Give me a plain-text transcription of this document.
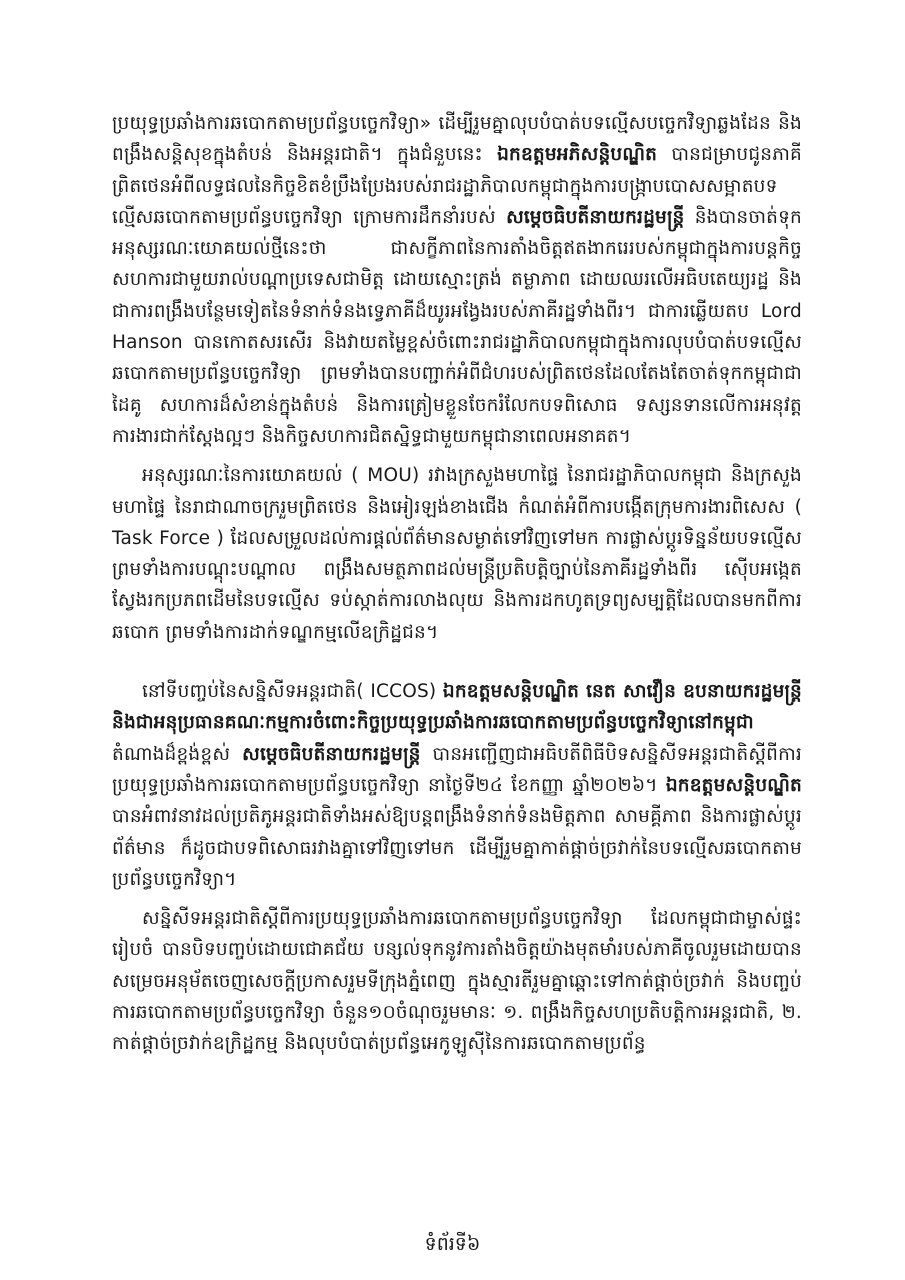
ប្រយុទ្ធប្រឆាំងការឆបោកតាមប្រព័ន្ធបច្ចេកវិទ្យា» ដើម្បីរួមគ្នាលុបបំបាត់បទល្មើសបច្ចេកវិទ្យាឆ្លងដែន និងពង្រឹងសន្តិសុខក្នុងតំបន់ និងអន្តរជាតិ។ ក្នុងជំនួបនេះ ឯកឧត្តមអភិសន្តិបណ្ឌិត បានជម្រាបជូនភាគីព្រិតថេនអំពីលទ្ធផលនៃកិច្ចខិតខំប្រឹងប្រែងរបស់រាជរដ្ឋាភិបាលកម្ពុជាក្នុងការបង្ក្រាបបោសសម្អាតបទល្មើសឆបោកតាមប្រព័ន្ធបច្ចេកវិទ្យា ក្រោមការដឹកនាំរបស់ សម្តេចធិបតីនាយករដ្ឋមន្ត្រី និងបានចាត់ទុកអនុស្សរណៈយោគយល់ថ្មីនេះថា ជាសក្ខីភាពនៃការតាំងចិត្តឥតងាករេរបស់កម្ពុជាក្នុងការបន្តកិច្ចសហការជាមួយរាល់បណ្តាប្រទេសជាមិត្ត ដោយស្មោះត្រង់ តម្លាភាព ដោយឈរលើអធិបតេយ្យរដ្ឋ និងជាការពង្រឹងបន្ថែមទៀតនៃទំនាក់ទំនងទ្វេភាគីដ៏យូរអង្វែងរបស់ភាគីរដ្ឋទាំងពីរ។ ជាការឆ្លើយតប Lord Hanson បានកោតសរសើរ និងវាយតម្លៃខ្ពស់ចំពោះរាជរដ្ឋាភិបាលកម្ពុជាក្នុងការលុបបំបាត់បទល្មើសឆបោកតាមប្រព័ន្ធបច្ចេកវិទ្យា ព្រមទាំងបានបញ្ជាក់អំពីជំហរបស់ព្រិតថេនដែលតែងតែចាត់ទុកកម្ពុជាជាដៃគូ សហការដ៏សំខាន់ក្នុងតំបន់ និងការត្រៀមខ្លួនចែករំលែកបទពិសោធ ទស្សនទានលើការអនុវត្តការងារជាក់ស្តែងល្អៗ និងកិច្ចសហការជិតស្និទ្ធជាមួយកម្ពុជានាពេលអនាគត។

អនុស្សរណៈនៃការយោគយល់ ( MOU) រវាងក្រសួងមហាផ្ទៃ នៃរាជរដ្ឋាភិបាលកម្ពុជា និងក្រសួងមហាផ្ទៃ នៃរាជាណាចក្ររួមព្រិតថេន និងអៀរឡង់ខាងជើង កំណត់អំពីការបង្កើតក្រុមការងារពិសេស ( Task Force ) ដែលសម្រួលដល់ការផ្តល់ព័ត៌មានសម្ងាត់ទៅវិញទៅមក ការផ្លាស់ប្តូរទិន្នន័យបទល្មើស ព្រមទាំងការបណ្តុះបណ្តាល ពង្រឹងសមត្ថភាពដល់មន្ត្រីប្រតិបត្តិច្បាប់នៃភាគីរដ្ឋទាំងពីរ ស៊ើបអង្កេត ស្វែងរកប្រភពដើមនៃបទល្មើស ទប់ស្កាត់ការលាងលុយ និងការដកហូតទ្រព្យសម្បត្តិដែលបានមកពីការឆបោក ព្រមទាំងការដាក់ទណ្ឌកម្មលើឧក្រិដ្ឋជន។

នៅទីបញ្ចប់នៃសន្និសីទអន្តរជាតិ( ICCOS) ឯកឧត្តមសន្តិបណ្ឌិត នេត សាវឿន ឧបនាយករដ្ឋមន្ត្រី និងជាអនុប្រធានគណៈកម្មការចំពោះកិច្ចប្រយុទ្ធប្រឆាំងការឆបោកតាមប្រព័ន្ធបច្ចេកវិទ្យានៅកម្ពុជា តំណាងដ៏ខ្ពង់ខ្ពស់ សម្តេចធិបតីនាយករដ្ឋមន្ត្រី បានអញ្ជើញជាអធិបតីពិធីបិទសន្និសីទអន្តរជាតិស្តីពីការប្រយុទ្ធប្រឆាំងការឆបោកតាមប្រព័ន្ធបច្ចេកវិទ្យា នាថ្ងៃទី២៤ ខែកញ្ញា ឆ្នាំ២០២៦។ ឯកឧត្តមសន្តិបណ្ឌិត បានអំពាវនាវដល់ប្រតិភូអន្តរជាតិទាំងអស់ឱ្យបន្តពង្រឹងទំនាក់ទំនងមិត្តភាព សាមគ្គីភាព និងការផ្លាស់ប្តូរព័ត៌មាន ក៏ដូចជាបទពិសោធរវាងគ្នាទៅវិញទៅមក ដើម្បីរួមគ្នាកាត់ផ្តាច់ច្រវាក់នៃបទល្មើសឆបោកតាមប្រព័ន្ធបច្ចេកវិទ្យា។

សន្និសីទអន្តរជាតិស្តីពីការប្រយុទ្ធប្រឆាំងការឆបោកតាមប្រព័ន្ធបច្ចេកវិទ្យា ដែលកម្ពុជាជាម្ចាស់ផ្ទះរៀបចំ បានបិទបញ្ចប់ដោយជោគជ័យ បន្សល់ទុកនូវការតាំងចិត្តយ៉ាងមុតមាំរបស់ភាគីចូលរួមដោយបានសម្រេចអនុម័តចេញសេចក្តីប្រកាសរួមទីក្រុងភ្នំពេញ ក្នុងស្មារតីរួមគ្នាឆ្ពោះទៅកាត់ផ្តាច់ច្រវាក់ និងបញ្ចប់ការឆបោកតាមប្រព័ន្ធបច្ចេកវិទ្យា ចំនួន១០ចំណុចរួមមានៈ ១. ពង្រឹងកិច្ចសហប្រតិបត្តិការអន្តរជាតិ, ២. កាត់ផ្តាច់ច្រវាក់ឧក្រិដ្ឋកម្ម និងលុបបំបាត់ប្រព័ន្ធអេកូឡូស៊ីនៃការឆបោកតាមប្រព័ន្ធ

ទំព័រទី៦
